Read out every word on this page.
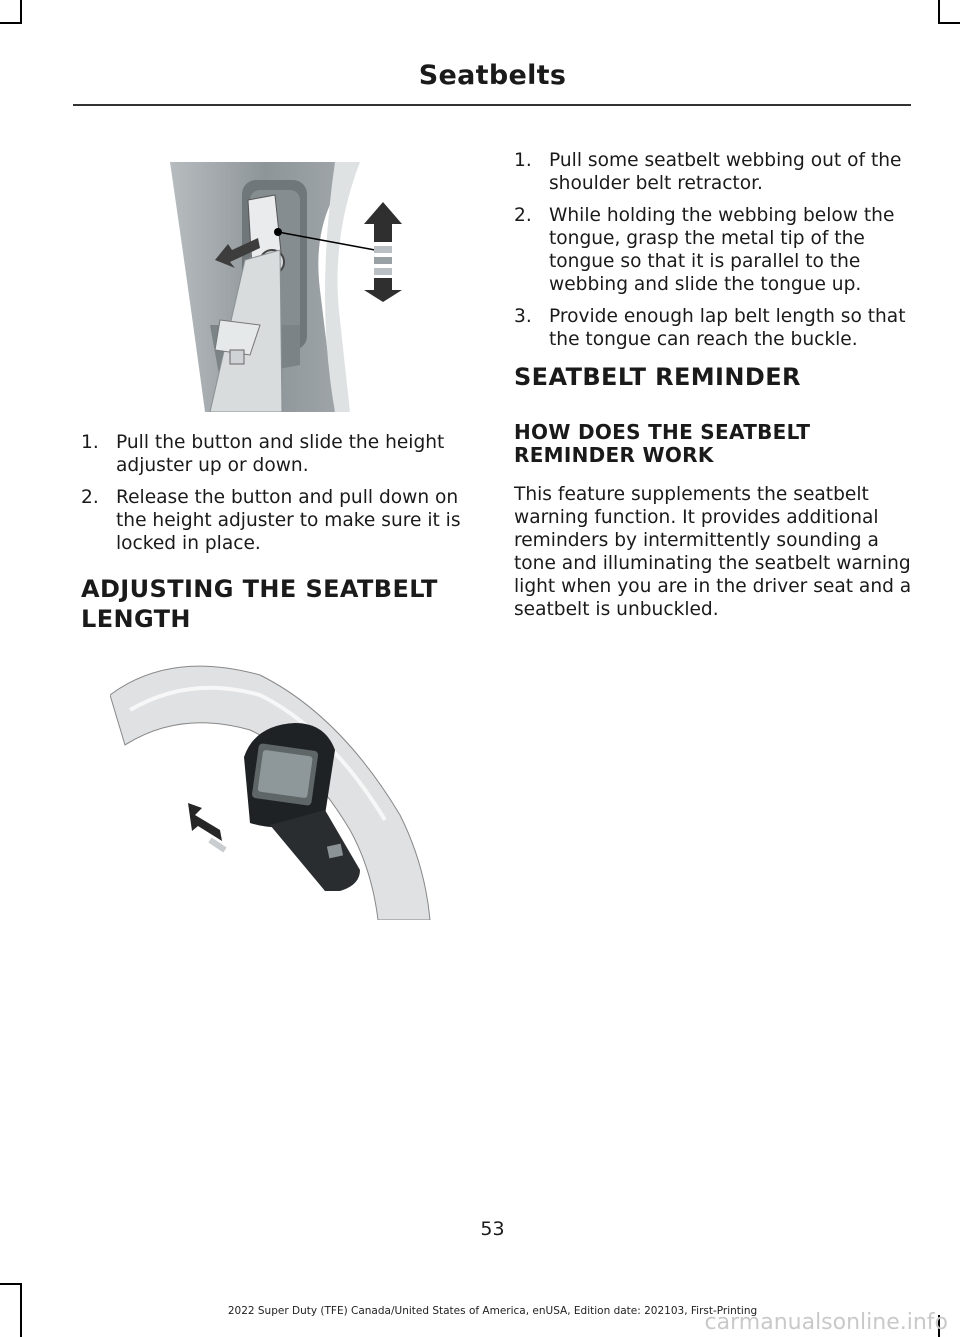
Seatbelts
1. Pull the button and slide the height adjuster up or down.
2. Release the button and pull down on the height adjuster to make sure it is locked in place.
ADJUSTING THE SEATBELT
LENGTH
1. Pull some seatbelt webbing out of the shoulder belt retractor.
2. While holding the webbing below the tongue, grasp the metal tip of the tongue so that it is parallel to the webbing and slide the tongue up.
3. Provide enough lap belt length so that the tongue can reach the buckle.
SEATBELT REMINDER
HOW DOES THE SEATBELT REMINDER WORK
This feature supplements the seatbelt warning function. It provides additional reminders by intermittently sounding a tone and illuminating the seatbelt warning light when you are in the driver seat and a seatbelt is unbuckled.
53
2022 Super Duty (TFE) Canada/United States of America, enUSA, Edition date: 202103, First-Printing
carmanualsonline.info
